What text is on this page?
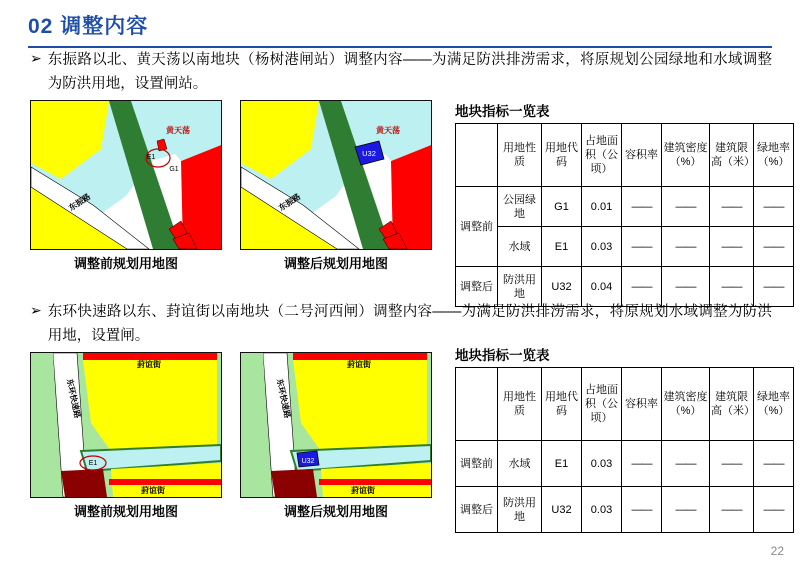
02 调整内容
➢ 东振路以北、黄天荡以南地块（杨树港闸站）调整内容——为满足防洪排涝需求，将原规划公园绿地和水域调整为防洪用地，设置闸站。
黄天荡
E1
G1
东振路
调整前规划用地图
黄天荡
U32
东振路
调整后规划用地图
地块指标一览表
	用地性质	用地代码	占地面积（公顷）	容积率	建筑密度（%）	建筑限高（米）	绿地率（%）
调整前	公园绿地	G1	0.01	——	——	——	——
	水域	E1	0.03	——	——	——	——
调整后	防洪用地	U32	0.04	——	——	——	——
➢ 东环快速路以东、葑谊街以南地块（二号河西闸）调整内容——为满足防洪排涝需求，将原规划水域调整为防洪用地，设置闸。
E1
葑谊街
葑谊街
东环快速路
调整前规划用地图
U32
葑谊街
葑谊街
东环快速路
调整后规划用地图
地块指标一览表
	用地性质	用地代码	占地面积（公顷）	容积率	建筑密度（%）	建筑限高（米）	绿地率（%）
调整前	水域	E1	0.03	——	——	——	——
调整后	防洪用地	U32	0.03	——	——	——	——
22
